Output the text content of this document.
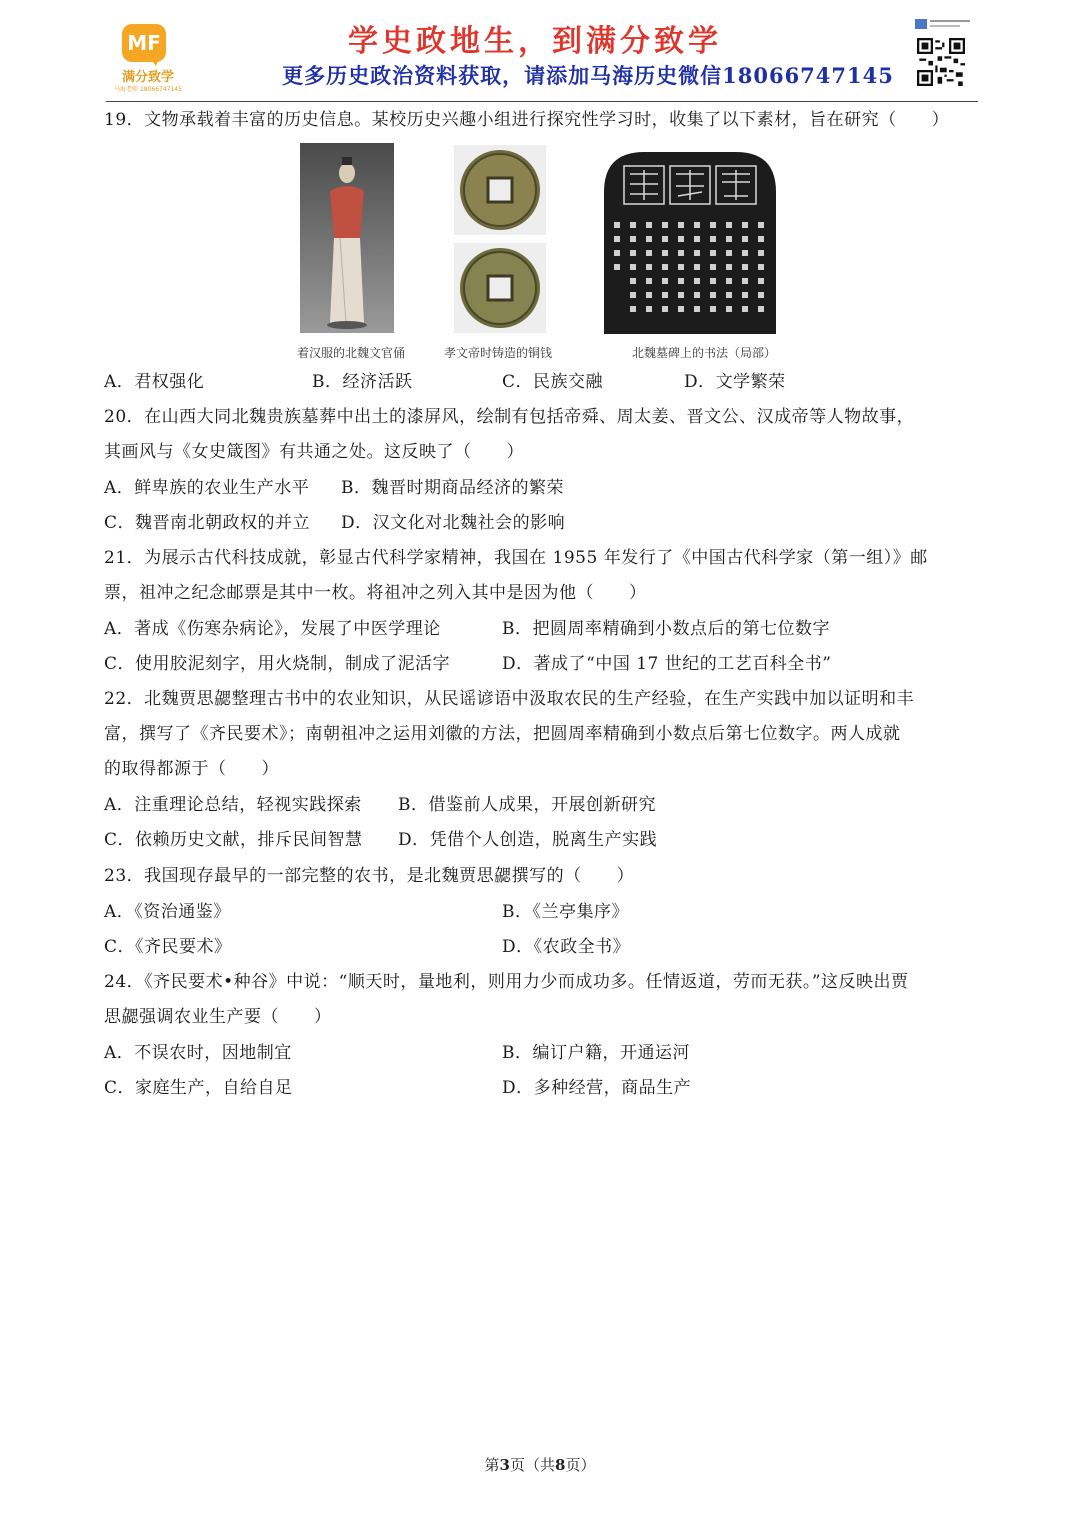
MF
满分致学
马海老师 18066747145
学史政地生，到满分致学
更多历史政治资料获取，请添加马海历史微信18066747145
19．文物承载着丰富的历史信息。某校历史兴趣小组进行探究性学习时，收集了以下素材，旨在研究（　　）
着汉服的北魏文官俑	孝文帝时铸造的铜钱	北魏墓碑上的书法（局部）
A．君权强化	B．经济活跃	C．民族交融	D．文学繁荣
20．在山西大同北魏贵族墓葬中出土的漆屏风，绘制有包括帝舜、周太姜、晋文公、汉成帝等人物故事，
其画风与《女史箴图》有共通之处。这反映了（　　）
A．鲜卑族的农业生产水平 B．魏晋时期商品经济的繁荣
C．魏晋南北朝政权的并立 D．汉文化对北魏社会的影响
21．为展示古代科技成就，彰显古代科学家精神，我国在 1955 年发行了《中国古代科学家（第一组）》邮
票，祖冲之纪念邮票是其中一枚。将祖冲之列入其中是因为他（　　）
A．著成《伤寒杂病论》，发展了中医学理论	B．把圆周率精确到小数点后的第七位数字
C．使用胶泥刻字，用火烧制，制成了泥活字	D．著成了“中国 17 世纪的工艺百科全书”
22．北魏贾思勰整理古书中的农业知识，从民谣谚语中汲取农民的生产经验，在生产实践中加以证明和丰
富，撰写了《齐民要术》；南朝祖冲之运用刘徽的方法，把圆周率精确到小数点后第七位数字。两人成就
的取得都源于（　　）
A．注重理论总结，轻视实践探索 B．借鉴前人成果，开展创新研究
C．依赖历史文献，排斥民间智慧 D．凭借个人创造，脱离生产实践
23．我国现存最早的一部完整的农书，是北魏贾思勰撰写的（　　）
A．《资治通鉴》	B．《兰亭集序》
C．《齐民要术》	D．《农政全书》
24．《齐民要术•种谷》中说：“顺天时，量地利，则用力少而成功多。任情返道，劳而无获。”这反映出贾
思勰强调农业生产要（　　）
A．不误农时，因地制宜	B．编订户籍，开通运河
C．家庭生产，自给自足	D．多种经营，商品生产
第3页（共8页）
